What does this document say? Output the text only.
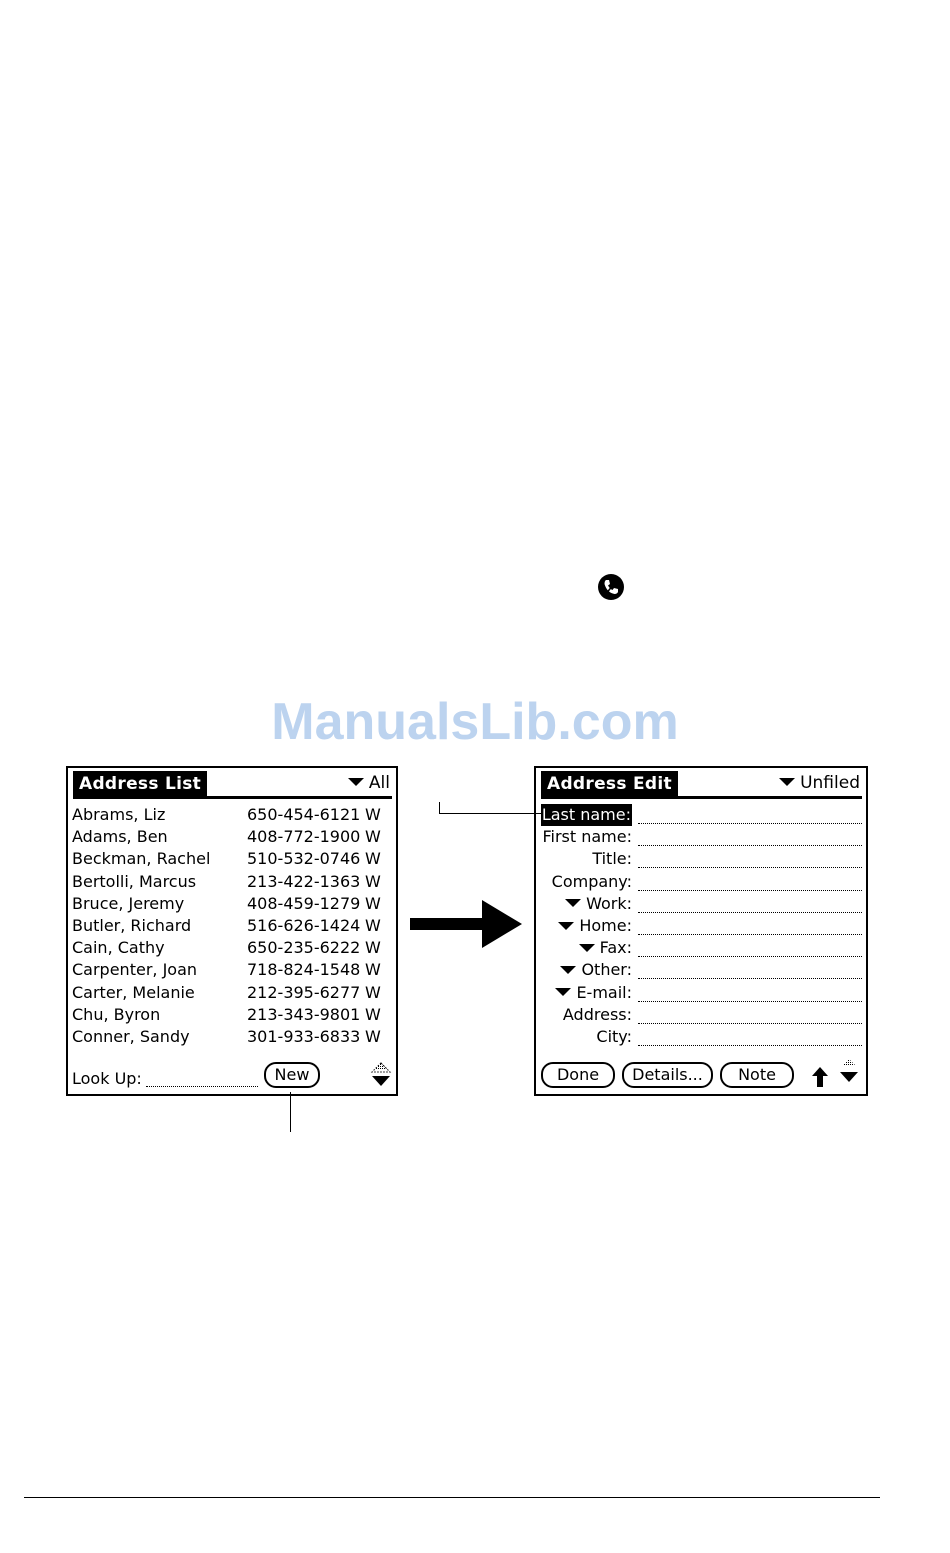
ManualsLib.com
Address List	All
Abrams, Liz	650-454-6121 W
Adams, Ben	408-772-1900 W
Beckman, Rachel 510-532-0746 W
Bertolli, Marcus	213-422-1363 W
Bruce, Jeremy	408-459-1279 W
Butler, Richard	516-626-1424 W
Cain, Cathy	650-235-6222 W
Carpenter, Joan	718-824-1548 W
Carter, Melanie	212-395-6277 W
Chu, Byron	213-343-9801 W
Conner, Sandy	301-933-6833 W
Look Up:	New
Address Edit	Unfiled
Last name:
First name:
Title:
Company:
Work:
Home:
Fax:
Other:
E-mail:
Address:
City:
Done	Details...	Note
